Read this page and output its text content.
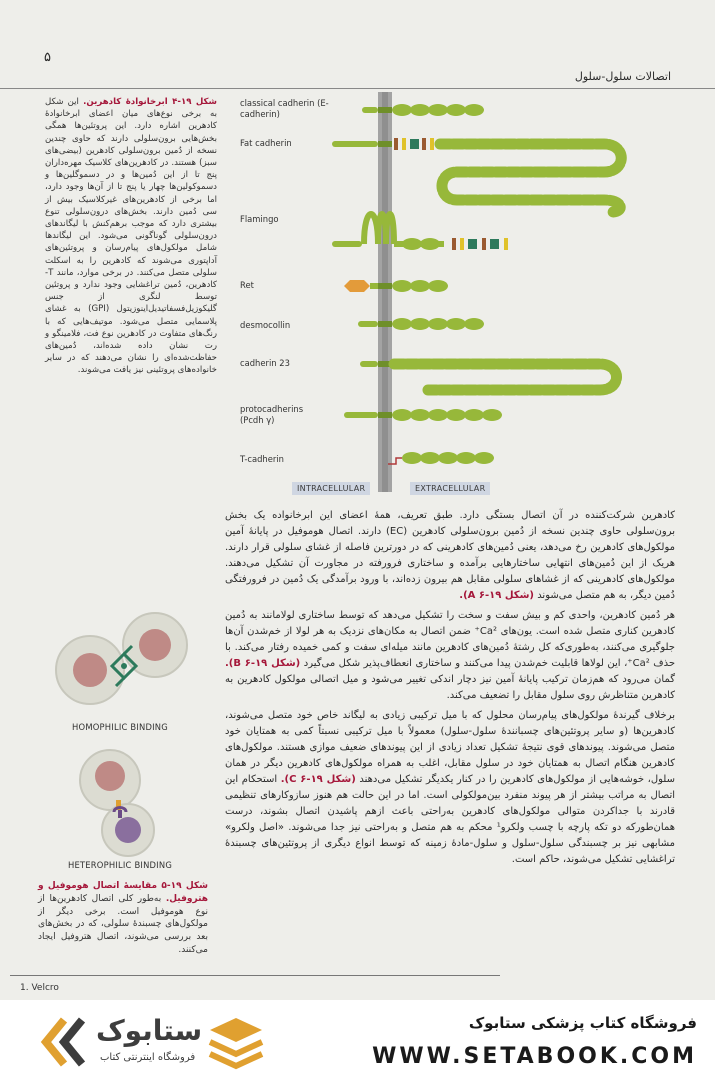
۵
اتصالات سلول-سلول
شکل ۱۹-۴ ابرخانوادهٔ کادهرین. این شکل به برخی نوع‌های میان اعضای ابرخانوادهٔ کادهرین اشاره دارد. این پروتئین‌ها همگی بخش‌هایی برون‌سلولی دارند که حاوی چندین نسخه از دُمین برون‌سلولی کادهرین (بیضی‌های سبز) هستند. در کادهرین‌های کلاسیک مهره‌داران پنج تا از این دُمین‌ها و در دسموگلین‌ها و دسموکولین‌ها چهار یا پنج تا از آن‌ها وجود دارد، اما برخی از کادهرین‌های غیرکلاسیک بیش از سی دُمین دارند. بخش‌های درون‌سلولی تنوع بیشتری دارد که موجب برهم‌کنش با لیگاندهای درون‌سلولی گوناگونی می‌شود. این لیگاندها شامل مولکول‌های پیام‌رسان و پروتئین‌های آداپتوری می‌شوند که کادهرین را به اسکلت سلولی متصل می‌کنند. در برخی موارد، مانند T-کادهرین، دُمین تراغشایی وجود ندارد و پروتئین توسط لنگری از جنس گلیکوزیل‌فسفاتیدیل‌اینوزیتول (GPI) به غشای پلاسمایی متصل می‌شود. موتیف‌هایی که با رنگ‌های متفاوت در کادهرین نوع فت، فلامینگو و رت نشان داده شده‌اند، دُمین‌های حفاظت‌شده‌ای را نشان می‌دهند که در سایر خانواده‌های پروتئینی نیز یافت می‌شوند.
classical cadherin (E-cadherin)
Fat cadherin
Flamingo
Ret
desmocollin
cadherin 23
protocadherins (Pcdh γ)
T-cadherin
INTRACELLULAR	EXTRACELLULAR

کادهرین شرکت‌کننده در آن اتصال بستگی دارد. طبق تعریف، همهٔ اعضای این ابرخانواده یک بخش برون‌سلولی حاوی چندین نسخه از دُمین برون‌سلولی کادهرین (EC) دارند. اتصال هوموفیل در پایانهٔ آمین مولکول‌های کادهرین رخ می‌دهد، یعنی دُمین‌های کادهرینی که در دورترین فاصله از غشای سلولی قرار دارند. هریک از این دُمین‌های انتهایی ساختارهایی برآمده و ساختاری فرورفته در مجاورت آن تشکیل می‌دهند. مولکول‌های کادهرینی که از غشاهای سلولی مقابل هم بیرون زده‌اند، با ورود برآمدگی یک دُمین در فرورفتگی دُمین دیگر، به هم متصل می‌شوند (شکل ۱۹-۶ A).

هر دُمین کادهرین، واحدی کم و بیش سفت و سخت را تشکیل می‌دهد که توسط ساختاری لولامانند به دُمین کادهرین کناری متصل شده است. یون‌های Ca²⁺ ضمن اتصال به مکان‌های نزدیک به هر لولا از خم‌شدن آن‌ها جلوگیری می‌کنند، به‌طوری‌که کل رشتهٔ دُمین‌های کادهرین مانند میله‌ای سفت و کمی خمیده رفتار می‌کند. با حذف Ca²⁺، این لولاها قابلیت خم‌شدن پیدا می‌کنند و ساختاری انعطاف‌پذیر شکل می‌گیرد (شکل ۱۹-۶ B). گمان می‌رود که هم‌زمان ترکیب پایانهٔ آمین نیز دچار اندکی تغییر می‌شود و میل اتصالی مولکول کادهرین به کادهرین متناظرش روی سلول مقابل را تضعیف می‌کند.

برخلاف گیرندهٔ مولکول‌های پیام‌رسان محلول که با میل ترکیبی زیادی به لیگاند خاص خود متصل می‌شوند، کادهرین‌ها (و سایر پروتئین‌های چسبانندهٔ سلول-سلول) معمولاً با میل ترکیبی نسبتاً کمی به همتایان خود متصل می‌شوند. پیوندهای قوی نتیجهٔ تشکیل تعداد زیادی از این پیوندهای ضعیف موازی هستند. مولکول‌های کادهرین هنگام اتصال به همتایان خود در سلول مقابل، اغلب به همراه مولکول‌های کادهرین دیگر در همان سلول، خوشه‌هایی از مولکول‌های کادهرین را در کنار یکدیگر تشکیل می‌دهند (شکل ۱۹-۶ C). استحکام این اتصال به مراتب بیشتر از هر پیوند منفرد بین‌مولکولی است. اما در این حالت هم هنوز سازوکارهای تنظیمی قادرند با جداکردن متوالی مولکول‌های کادهرین به‌راحتی باعث ازهم پاشیدن اتصال بشوند، درست همان‌طورکه دو تکه پارچه با چسب ولکرو¹ محکم به هم متصل و به‌راحتی نیز جدا می‌شوند. «اصل ولکرو» مشابهی نیز بر چسبندگی سلول-سلول و سلول-مادهٔ زمینه که توسط انواع دیگری از پروتئین‌های چسبندهٔ تراغشایی تشکیل می‌شوند، حاکم است.

HOMOPHILIC BINDING
HETEROPHILIC BINDING
شکل ۱۹-۵ مقایسهٔ اتصال هوموفیل و هتروفیل. به‌طور کلی اتصال کادهرین‌ها از نوع هوموفیل است. برخی دیگر از مولکول‌های چسبندهٔ سلولی، که در بخش‌های بعد بررسی می‌شوند، اتصال هتروفیل ایجاد می‌کنند.
1. Velcro
ستابوک
فروشگاه اینترنتی کتاب
فروشگاه کتاب پزشکی ستابوک
WWW.SETABOOK.COM
